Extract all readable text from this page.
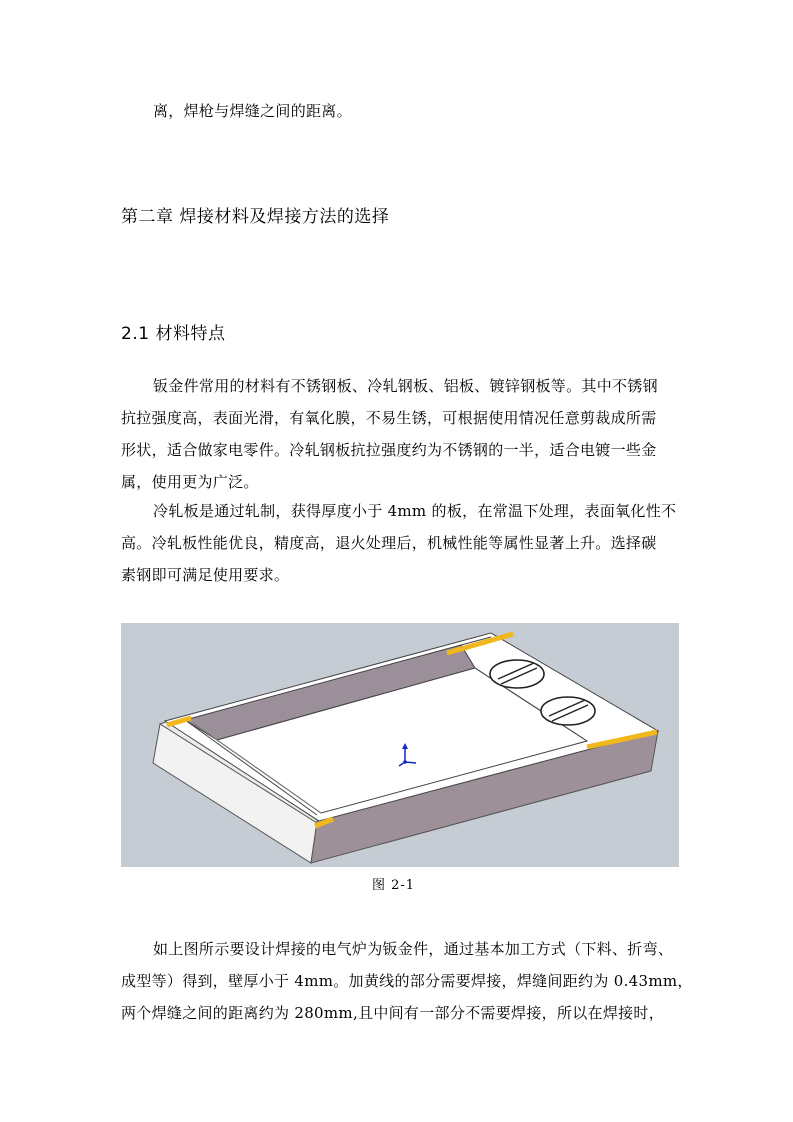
离，焊枪与焊缝之间的距离。
第二章 焊接材料及焊接方法的选择
2.1 材料特点
钣金件常用的材料有不锈钢板、冷轧钢板、铝板、镀锌钢板等。其中不锈钢
抗拉强度高，表面光滑，有氧化膜，不易生锈，可根据使用情况任意剪裁成所需
形状，适合做家电零件。冷轧钢板抗拉强度约为不锈钢的一半，适合电镀一些金
属，使用更为广泛。
冷轧板是通过轧制，获得厚度小于 4mm 的板，在常温下处理，表面氧化性不
高。冷轧板性能优良，精度高，退火处理后，机械性能等属性显著上升。选择碳
素钢即可满足使用要求。
图 2-1
如上图所示要设计焊接的电气炉为钣金件，通过基本加工方式（下料、折弯、
成型等）得到，壁厚小于 4mm。加黄线的部分需要焊接，焊缝间距约为 0.43mm，
两个焊缝之间的距离约为 280mm,且中间有一部分不需要焊接，所以在焊接时，
